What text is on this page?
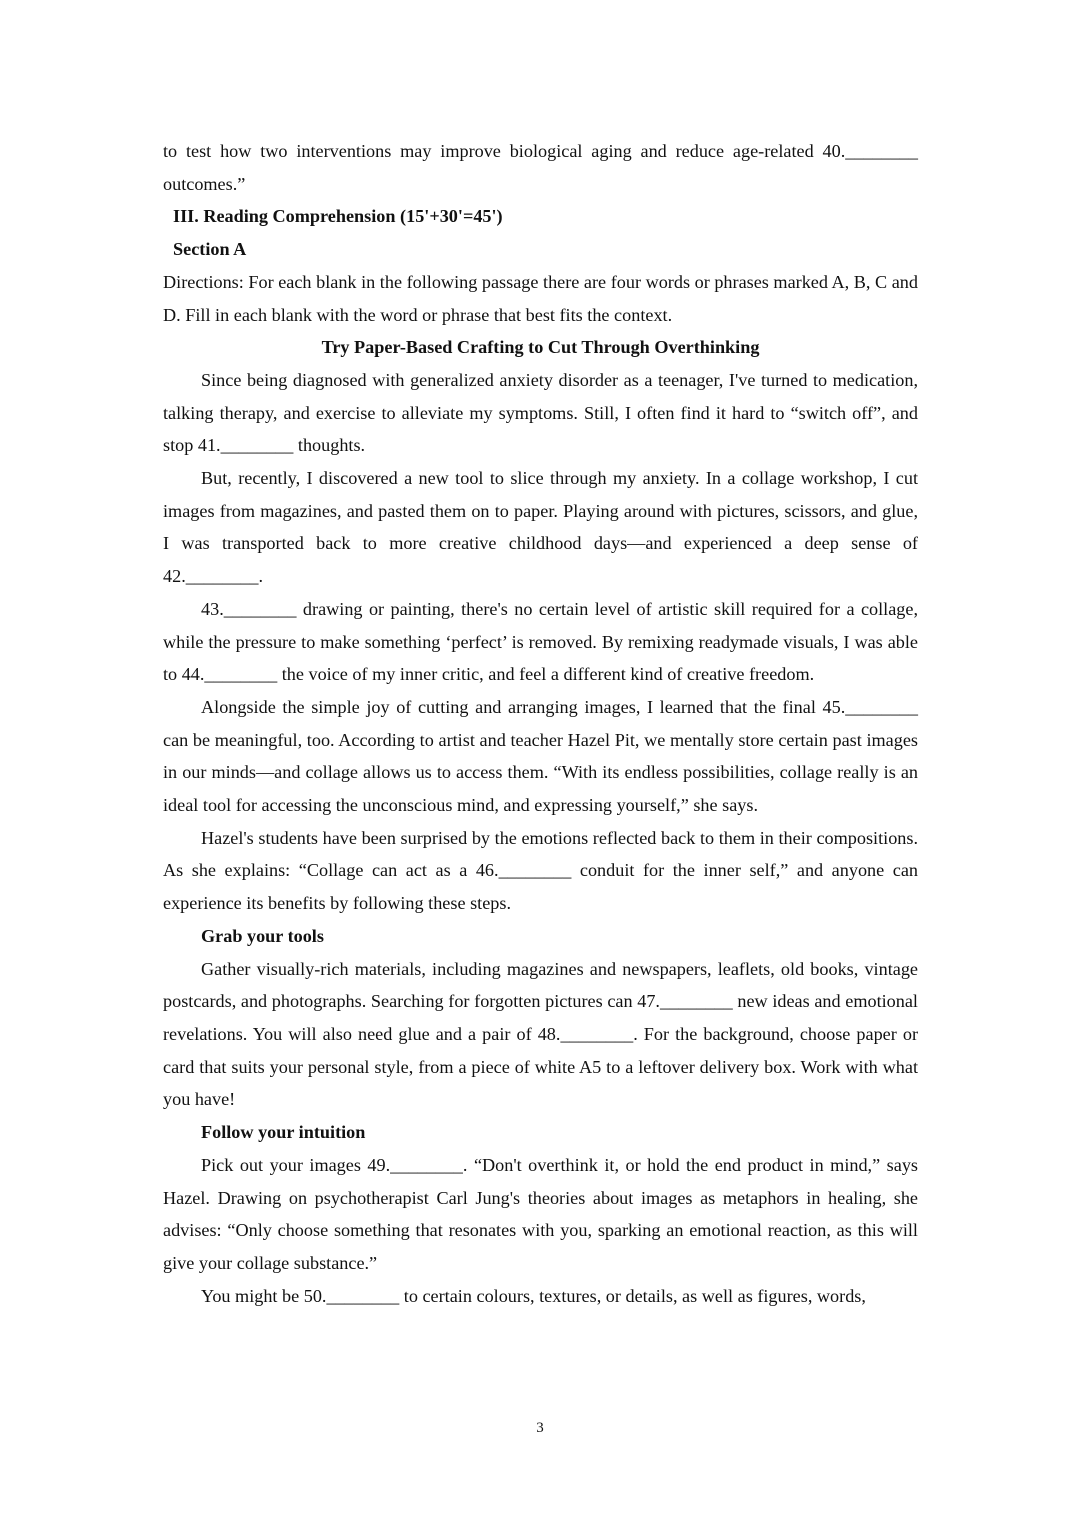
to test how two interventions may improve biological aging and reduce age-related 40.________ outcomes.”

III. Reading Comprehension (15'+30'=45')

Section A

Directions: For each blank in the following passage there are four words or phrases marked A, B, C and D. Fill in each blank with the word or phrase that best fits the context.

Try Paper-Based Crafting to Cut Through Overthinking

Since being diagnosed with generalized anxiety disorder as a teenager, I've turned to medication, talking therapy, and exercise to alleviate my symptoms. Still, I often find it hard to “switch off”, and stop 41.________ thoughts.

But, recently, I discovered a new tool to slice through my anxiety. In a collage workshop, I cut images from magazines, and pasted them on to paper. Playing around with pictures, scissors, and glue, I was transported back to more creative childhood days—and experienced a deep sense of 42.________.

43.________ drawing or painting, there's no certain level of artistic skill required for a collage, while the pressure to make something ‘perfect’ is removed. By remixing readymade visuals, I was able to 44.________ the voice of my inner critic, and feel a different kind of creative freedom.

Alongside the simple joy of cutting and arranging images, I learned that the final 45.________ can be meaningful, too. According to artist and teacher Hazel Pit, we mentally store certain past images in our minds—and collage allows us to access them. “With its endless possibilities, collage really is an ideal tool for accessing the unconscious mind, and expressing yourself,” she says.

Hazel's students have been surprised by the emotions reflected back to them in their compositions. As she explains: “Collage can act as a 46.________ conduit for the inner self,” and anyone can experience its benefits by following these steps.

Grab your tools

Gather visually-rich materials, including magazines and newspapers, leaflets, old books, vintage postcards, and photographs. Searching for forgotten pictures can 47.________ new ideas and emotional revelations. You will also need glue and a pair of 48.________. For the background, choose paper or card that suits your personal style, from a piece of white A5 to a leftover delivery box. Work with what you have!

Follow your intuition

Pick out your images 49.________. “Don't overthink it, or hold the end product in mind,” says Hazel. Drawing on psychotherapist Carl Jung's theories about images as metaphors in healing, she advises: “Only choose something that resonates with you, sparking an emotional reaction, as this will give your collage substance.”

You might be 50.________ to certain colours, textures, or details, as well as figures, words,

3
